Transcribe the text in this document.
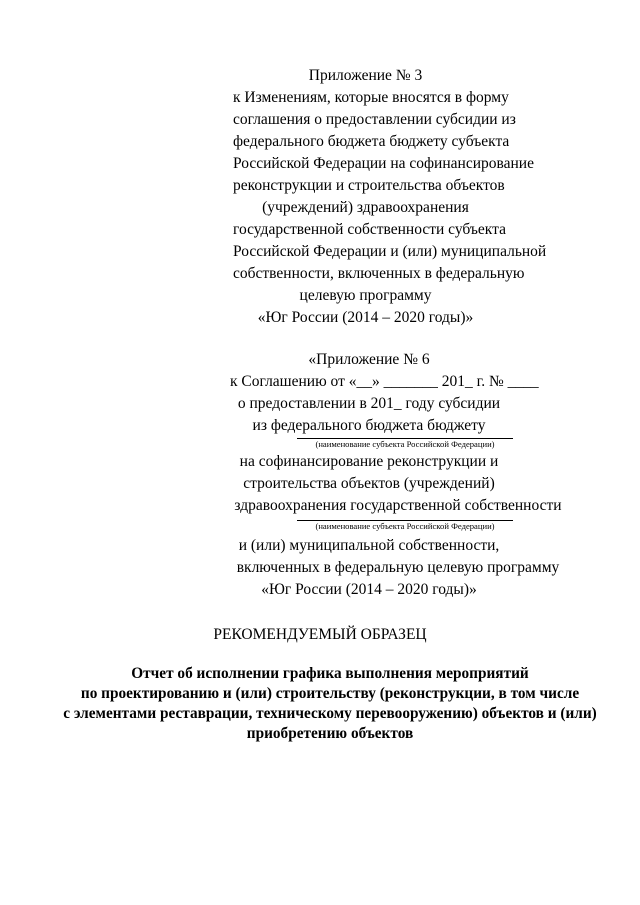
Приложение № 3
к Изменениям, которые вносятся в форму
соглашения о предоставлении субсидии из
федерального бюджета бюджету субъекта
Российской Федерации на софинансирование
реконструкции и строительства объектов
(учреждений) здравоохранения
государственной собственности субъекта
Российской Федерации и (или) муниципальной
собственности, включенных в федеральную
целевую программу
«Юг России (2014 – 2020 годы)»
«Приложение № 6
к Соглашению от «__» _______ 201_ г. № ____
о предоставлении в 201_ году субсидии
из федерального бюджета бюджету
(наименование субъекта Российской Федерации)
на софинансирование реконструкции и
строительства объектов (учреждений)
здравоохранения государственной собственности
(наименование субъекта Российской Федерации)
и (или) муниципальной собственности,
включенных в федеральную целевую программу
«Юг России (2014 – 2020 годы)»
РЕКОМЕНДУЕМЫЙ ОБРАЗЕЦ
Отчет об исполнении графика выполнения мероприятий
по проектированию и (или) строительству (реконструкции, в том числе
с элементами реставрации, техническому перевооружению) объектов и (или)
приобретению объектов
